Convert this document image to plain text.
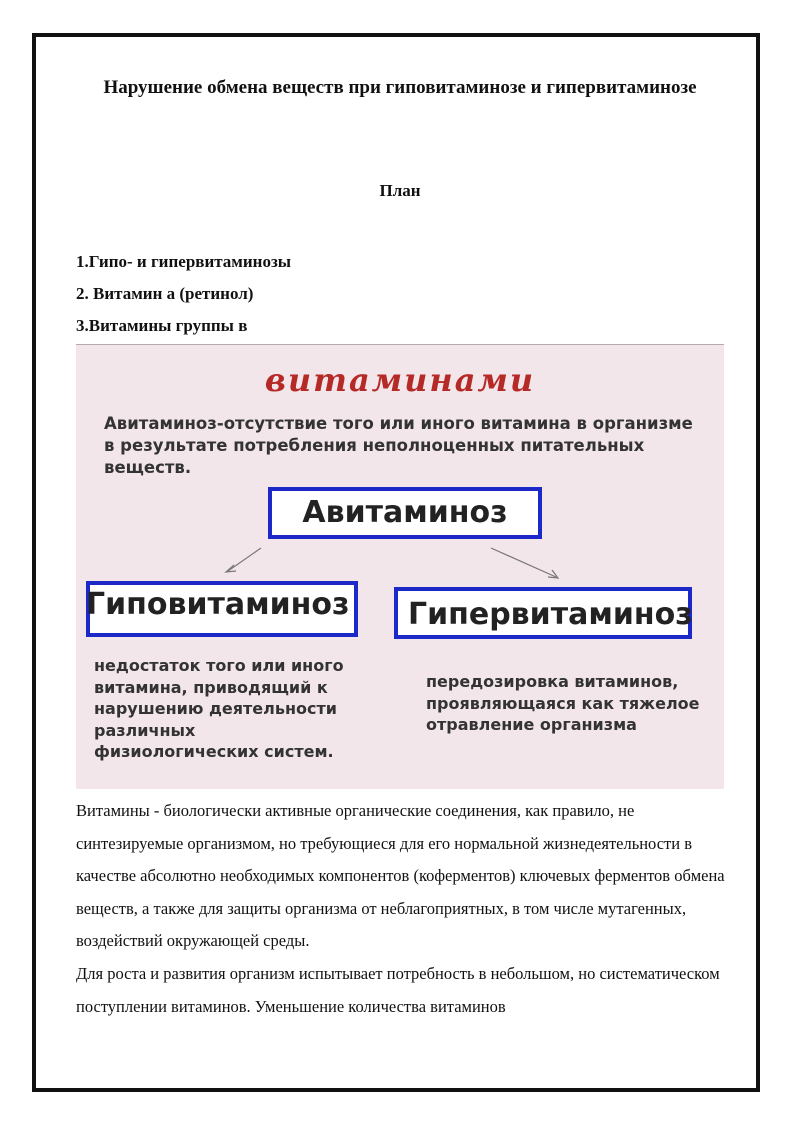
Нарушение обмена веществ при гиповитаминозе и гипервитаминозе
План
1.Гипо- и гипервитаминозы
2. Витамин а (ретинол)
3.Витамины группы в
витаминами
Авитаминоз-отсутствие того или иного витамина в организме в результате потребления неполноценных питательных веществ.
Авитаминоз
Гиповитаминоз Гипервитаминоз
недостаток того или иного витамина, приводящий к нарушению деятельности различных физиологических систем.
передозировка витаминов, проявляющаяся как тяжелое отравление организма

Витамины - биологически активные органические соединения, как правило, не синтезируемые организмом, но требующиеся для его нормальной жизнедеятельности в качестве абсолютно необходимых компонентов (коферментов) ключевых ферментов обмена веществ, а также для защиты организма от неблагоприятных, в том числе мутагенных, воздействий окружающей среды.

Для роста и развития организм испытывает потребность в небольшом, но систематическом поступлении витаминов. Уменьшение количества витаминов
